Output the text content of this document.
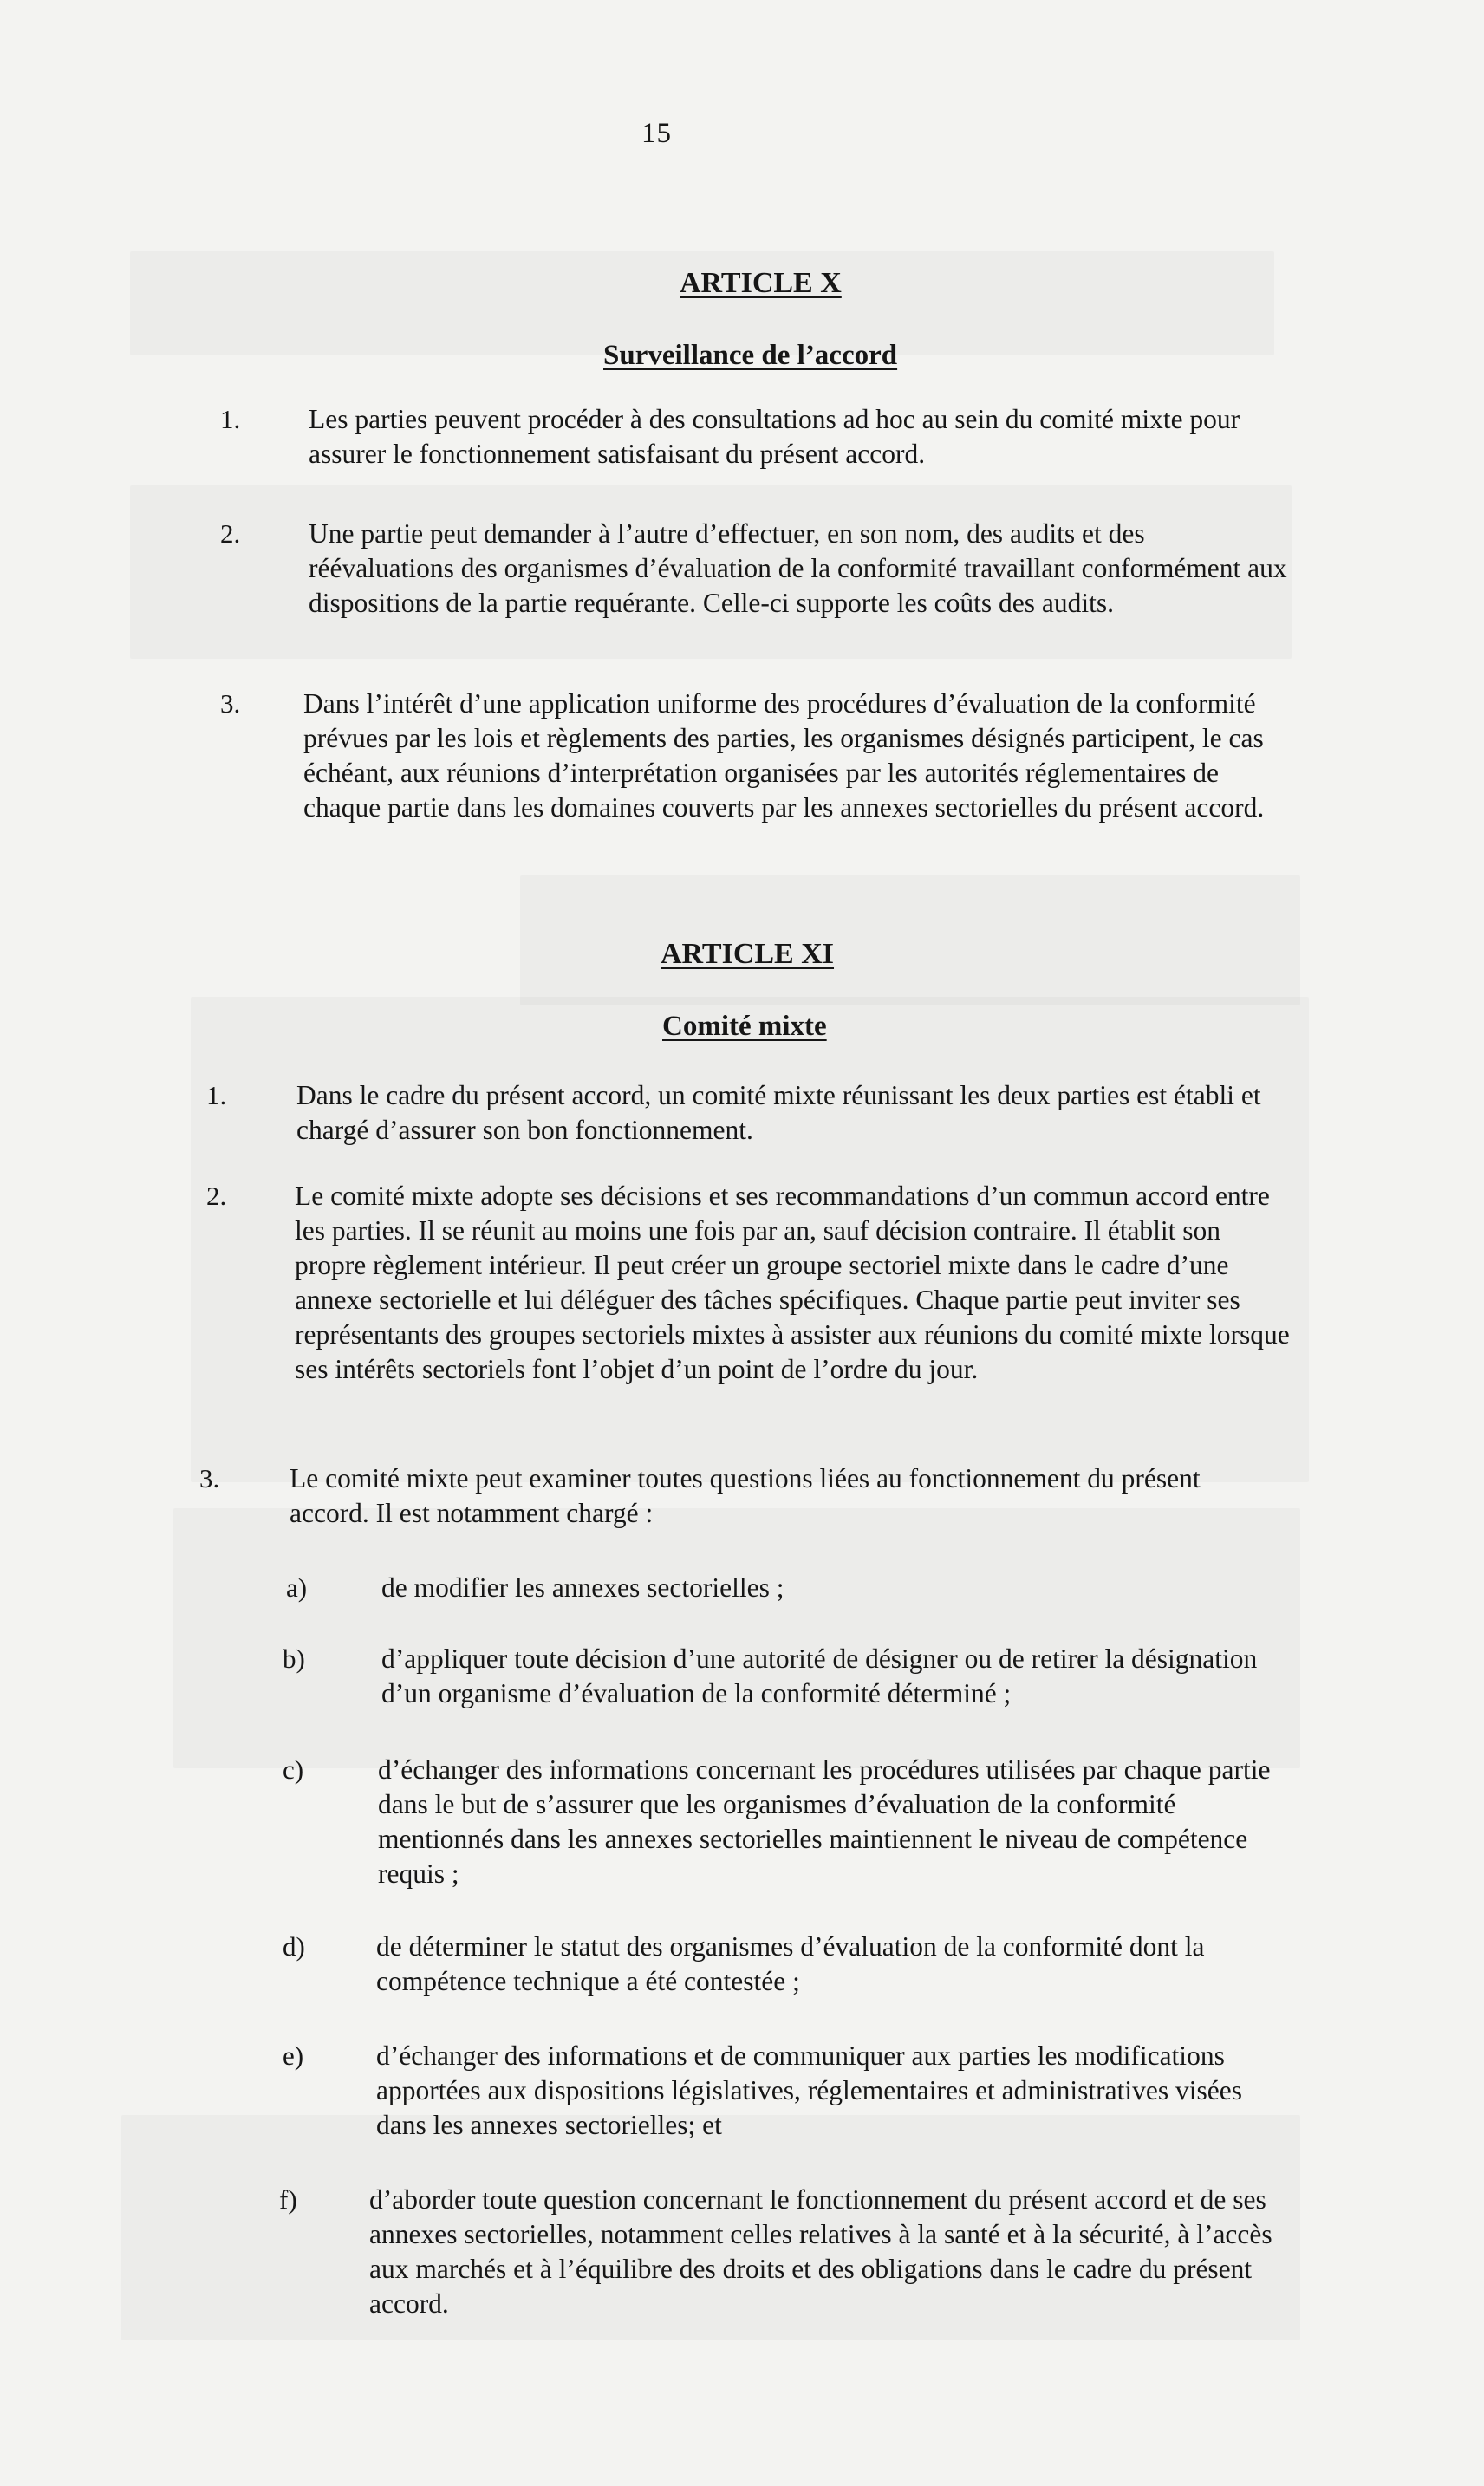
15
ARTICLE X
Surveillance de l’accord
1.	Les parties peuvent procéder à des consultations ad hoc au sein du comité mixte pour assurer le fonctionnement satisfaisant du présent accord.
2.	Une partie peut demander à l’autre d’effectuer, en son nom, des audits et des réévaluations des organismes d’évaluation de la conformité travaillant conformément aux dispositions de la partie requérante. Celle-ci supporte les coûts des audits.
3. Dans l’intérêt d’une application uniforme des procédures d’évaluation de la conformité prévues par les lois et règlements des parties, les organismes désignés participent, le cas échéant, aux réunions d’interprétation organisées par les autorités réglementaires de chaque partie dans les domaines couverts par les annexes sectorielles du présent accord.
ARTICLE XI
Comité mixte
1.	Dans le cadre du présent accord, un comité mixte réunissant les deux parties est établi et chargé d’assurer son bon fonctionnement.
2.	Le comité mixte adopte ses décisions et ses recommandations d’un commun accord entre les parties. Il se réunit au moins une fois par an, sauf décision contraire. Il établit son propre règlement intérieur. Il peut créer un groupe sectoriel mixte dans le cadre d’une annexe sectorielle et lui déléguer des tâches spécifiques. Chaque partie peut inviter ses représentants des groupes sectoriels mixtes à assister aux réunions du comité mixte lorsque ses intérêts sectoriels font l’objet d’un point de l’ordre du jour.
3.	Le comité mixte peut examiner toutes questions liées au fonctionnement du présent accord. Il est notamment chargé :
a)	de modifier les annexes sectorielles ;
b)	d’appliquer toute décision d’une autorité de désigner ou de retirer la désignation d’un organisme d’évaluation de la conformité déterminé ;
c)	d’échanger des informations concernant les procédures utilisées par chaque partie dans le but de s’assurer que les organismes d’évaluation de la conformité mentionnés dans les annexes sectorielles maintiennent le niveau de compétence requis ;
d)	de déterminer le statut des organismes d’évaluation de la conformité dont la compétence technique a été contestée ;
e)	d’échanger des informations et de communiquer aux parties les modifications apportées aux dispositions législatives, réglementaires et administratives visées dans les annexes sectorielles; et
f)	d’aborder toute question concernant le fonctionnement du présent accord et de ses annexes sectorielles, notamment celles relatives à la santé et à la sécurité, à l’accès aux marchés et à l’équilibre des droits et des obligations dans le cadre du présent accord.
